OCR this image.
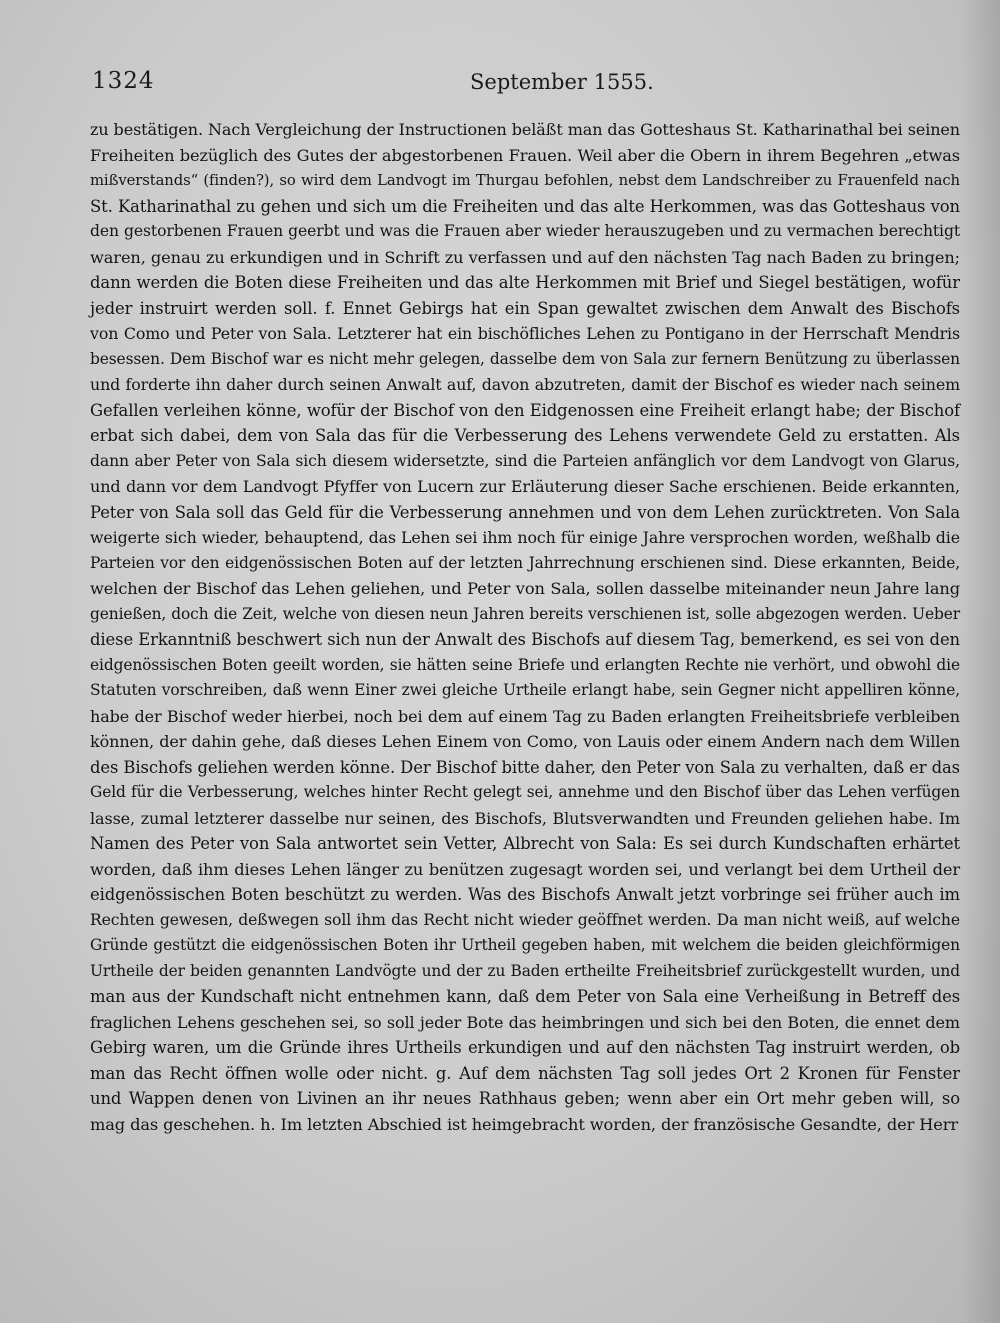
1324	September 1555.
zu bestätigen. Nach Vergleichung der Instructionen beläßt man das Gotteshaus St. Katharinathal bei seinen
Freiheiten bezüglich des Gutes der abgestorbenen Frauen. Weil aber die Obern in ihrem Begehren „etwas
mißverstands“ (finden?), so wird dem Landvogt im Thurgau befohlen, nebst dem Landschreiber zu Frauenfeld nach
St. Katharinathal zu gehen und sich um die Freiheiten und das alte Herkommen, was das Gotteshaus von
den gestorbenen Frauen geerbt und was die Frauen aber wieder herauszugeben und zu vermachen berechtigt
waren, genau zu erkundigen und in Schrift zu verfassen und auf den nächsten Tag nach Baden zu bringen;
dann werden die Boten diese Freiheiten und das alte Herkommen mit Brief und Siegel bestätigen, wofür
jeder instruirt werden soll. f. Ennet Gebirgs hat ein Span gewaltet zwischen dem Anwalt des Bischofs
von Como und Peter von Sala. Letzterer hat ein bischöfliches Lehen zu Pontigano in der Herrschaft Mendris
besessen. Dem Bischof war es nicht mehr gelegen, dasselbe dem von Sala zur fernern Benützung zu überlassen
und forderte ihn daher durch seinen Anwalt auf, davon abzutreten, damit der Bischof es wieder nach seinem
Gefallen verleihen könne, wofür der Bischof von den Eidgenossen eine Freiheit erlangt habe; der Bischof
erbat sich dabei, dem von Sala das für die Verbesserung des Lehens verwendete Geld zu erstatten. Als
dann aber Peter von Sala sich diesem widersetzte, sind die Parteien anfänglich vor dem Landvogt von Glarus,
und dann vor dem Landvogt Pfyffer von Lucern zur Erläuterung dieser Sache erschienen. Beide erkannten,
Peter von Sala soll das Geld für die Verbesserung annehmen und von dem Lehen zurücktreten. Von Sala
weigerte sich wieder, behauptend, das Lehen sei ihm noch für einige Jahre versprochen worden, weßhalb die
Parteien vor den eidgenössischen Boten auf der letzten Jahrrechnung erschienen sind. Diese erkannten, Beide,
welchen der Bischof das Lehen geliehen, und Peter von Sala, sollen dasselbe miteinander neun Jahre lang
genießen, doch die Zeit, welche von diesen neun Jahren bereits verschienen ist, solle abgezogen werden. Ueber
diese Erkanntniß beschwert sich nun der Anwalt des Bischofs auf diesem Tag, bemerkend, es sei von den
eidgenössischen Boten geeilt worden, sie hätten seine Briefe und erlangten Rechte nie verhört, und obwohl die
Statuten vorschreiben, daß wenn Einer zwei gleiche Urtheile erlangt habe, sein Gegner nicht appelliren könne,
habe der Bischof weder hierbei, noch bei dem auf einem Tag zu Baden erlangten Freiheitsbriefe verbleiben
können, der dahin gehe, daß dieses Lehen Einem von Como, von Lauis oder einem Andern nach dem Willen
des Bischofs geliehen werden könne. Der Bischof bitte daher, den Peter von Sala zu verhalten, daß er das
Geld für die Verbesserung, welches hinter Recht gelegt sei, annehme und den Bischof über das Lehen verfügen
lasse, zumal letzterer dasselbe nur seinen, des Bischofs, Blutsverwandten und Freunden geliehen habe. Im
Namen des Peter von Sala antwortet sein Vetter, Albrecht von Sala: Es sei durch Kundschaften erhärtet
worden, daß ihm dieses Lehen länger zu benützen zugesagt worden sei, und verlangt bei dem Urtheil der
eidgenössischen Boten beschützt zu werden. Was des Bischofs Anwalt jetzt vorbringe sei früher auch im
Rechten gewesen, deßwegen soll ihm das Recht nicht wieder geöffnet werden. Da man nicht weiß, auf welche
Gründe gestützt die eidgenössischen Boten ihr Urtheil gegeben haben, mit welchem die beiden gleichförmigen
Urtheile der beiden genannten Landvögte und der zu Baden ertheilte Freiheitsbrief zurückgestellt wurden, und
man aus der Kundschaft nicht entnehmen kann, daß dem Peter von Sala eine Verheißung in Betreff des
fraglichen Lehens geschehen sei, so soll jeder Bote das heimbringen und sich bei den Boten, die ennet dem
Gebirg waren, um die Gründe ihres Urtheils erkundigen und auf den nächsten Tag instruirt werden, ob
man das Recht öffnen wolle oder nicht. g. Auf dem nächsten Tag soll jedes Ort 2 Kronen für Fenster
und Wappen denen von Livinen an ihr neues Rathhaus geben; wenn aber ein Ort mehr geben will, so
mag das geschehen. h. Im letzten Abschied ist heimgebracht worden, der französische Gesandte, der Herr
